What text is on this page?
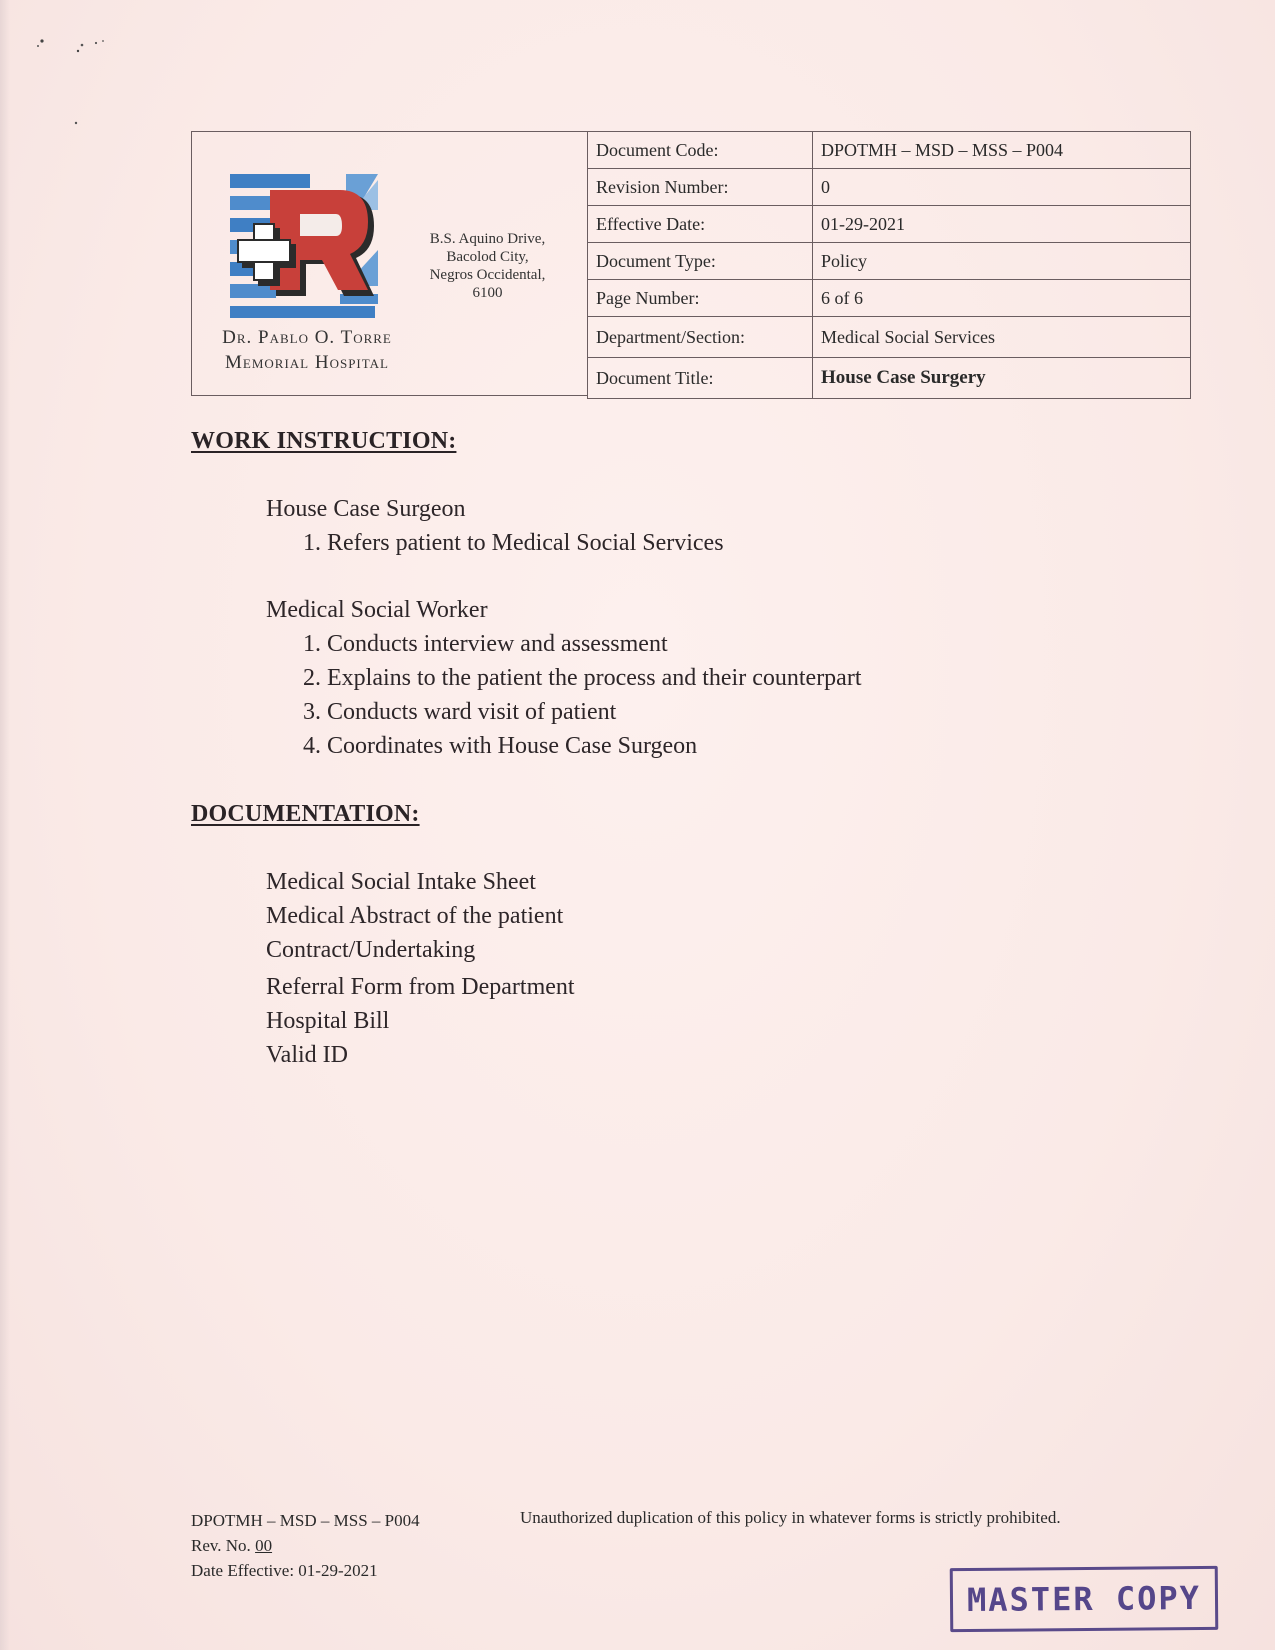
Dr. Pablo O. Torre
Memorial Hospital
B.S. Aquino Drive,
Bacolod City,
Negros Occidental,
6100
Document Code:	DPOTMH – MSD – MSS – P004
Revision Number:	0
Effective Date:	01-29-2021
Document Type:	Policy
Page Number:	6 of 6
Department/Section:	Medical Social Services
Document Title:	House Case Surgery
WORK INSTRUCTION:
House Case Surgeon
1. Refers patient to Medical Social Services
Medical Social Worker
1. Conducts interview and assessment
2. Explains to the patient the process and their counterpart
3. Conducts ward visit of patient
4. Coordinates with House Case Surgeon
DOCUMENTATION:
Medical Social Intake Sheet
Medical Abstract of the patient
Contract/Undertaking
Referral Form from Department
Hospital Bill
Valid ID
DPOTMH – MSD – MSS – P004
Rev. No. 00
Date Effective: 01-29-2021
Unauthorized duplication of this policy in whatever forms is strictly prohibited.
MASTER COPY
